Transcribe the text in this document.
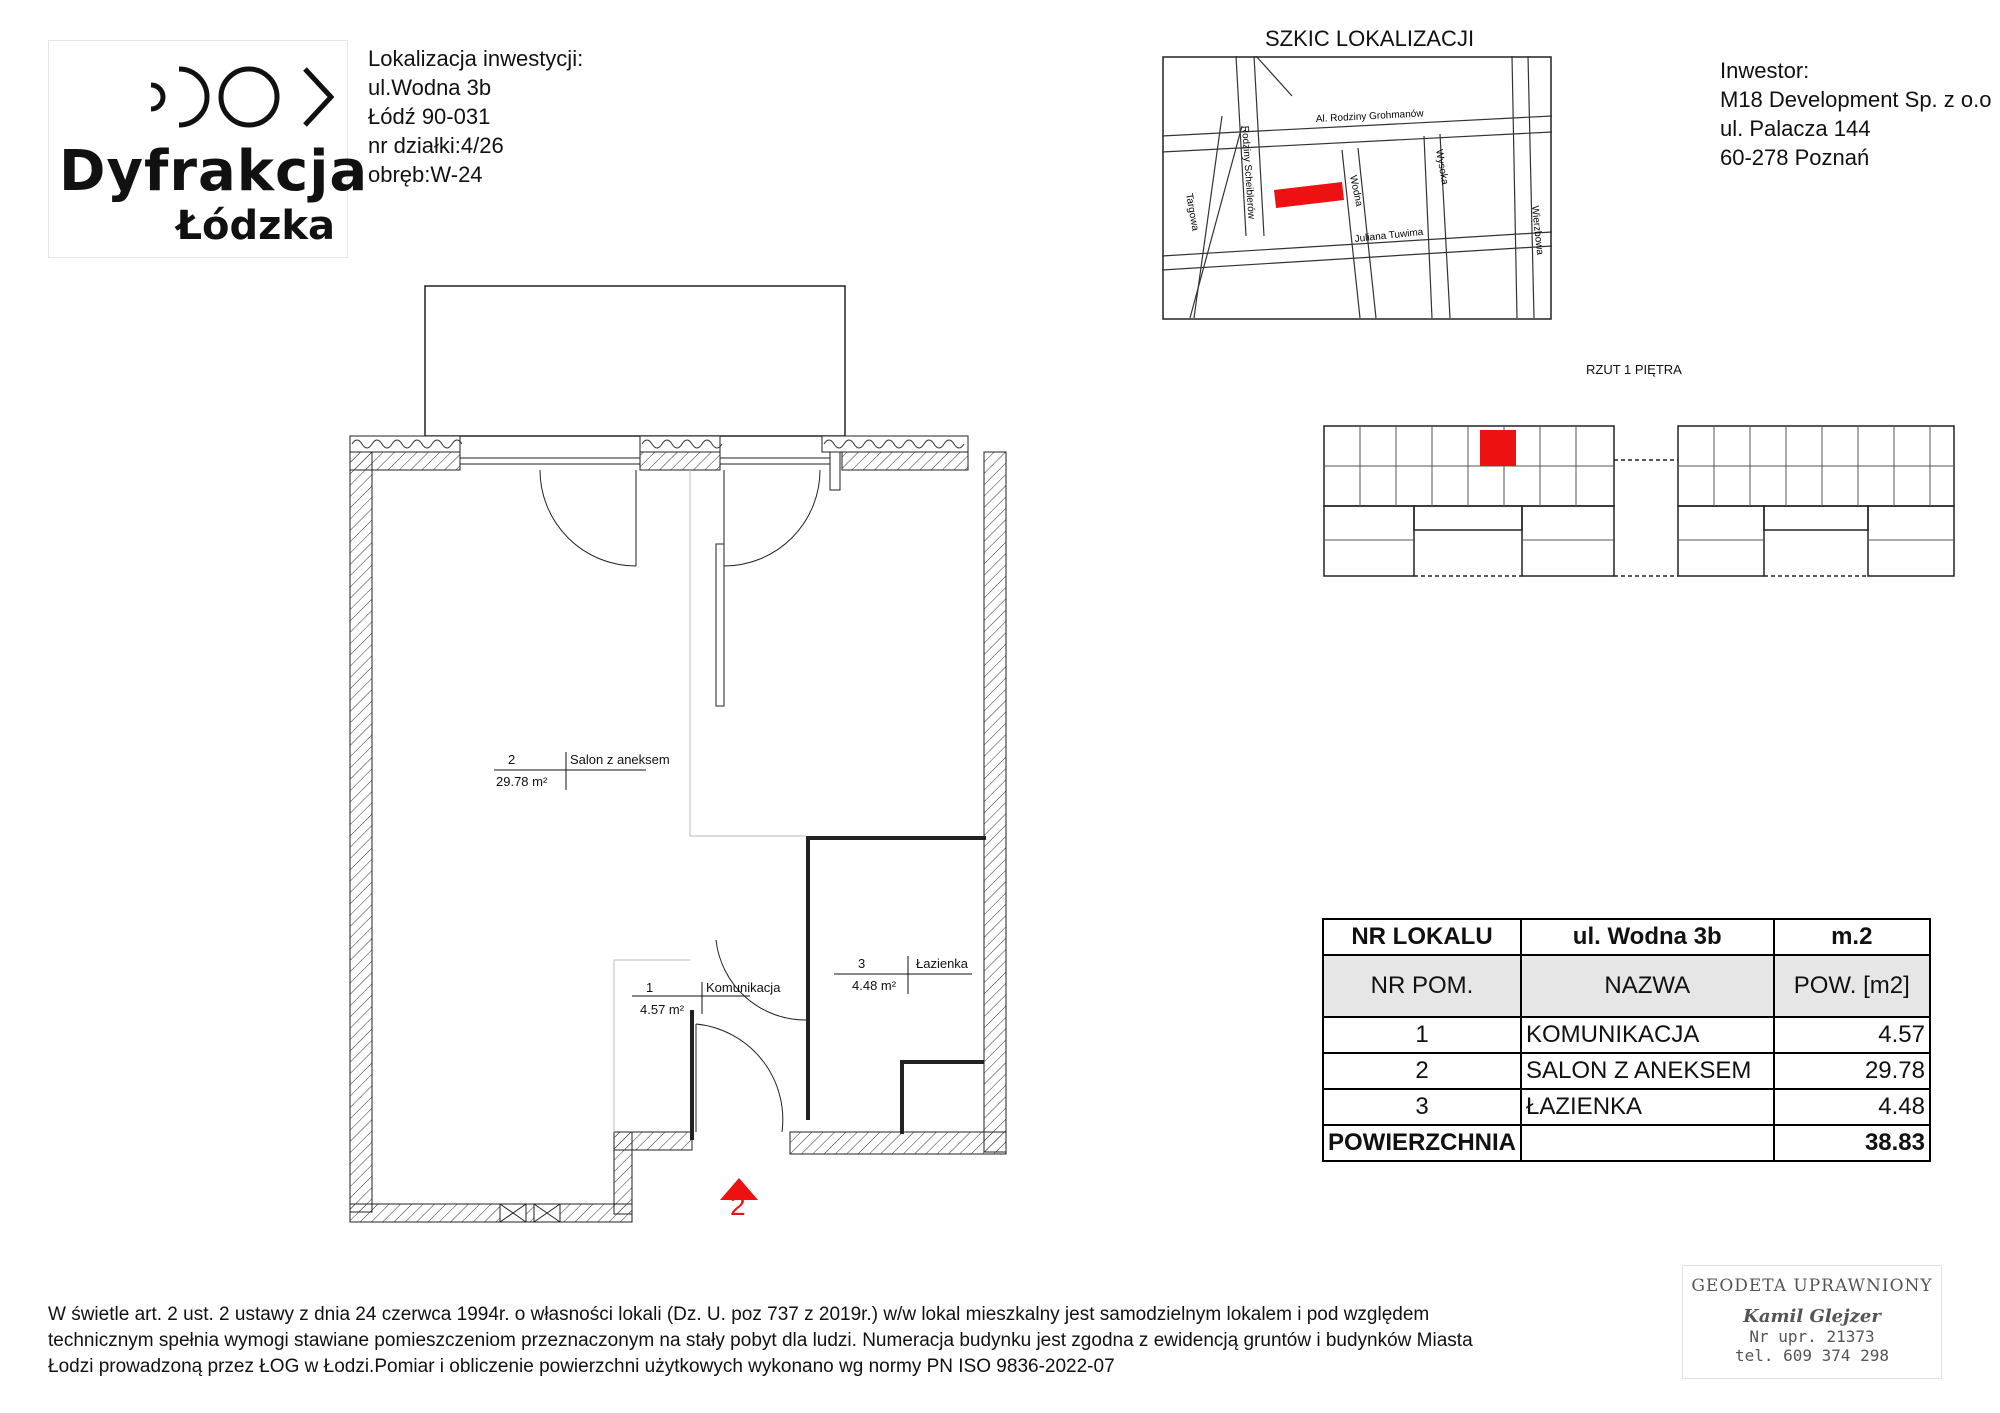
Dyfrakcja
Łódzka
Lokalizacja inwestycji:
ul.Wodna 3b
Łódź 90-031
nr działki:4/26
obręb:W-24
SZKIC LOKALIZACJI
Al. Rodziny Grohmanów
Rodziny Scheiblerów
Targowa
Wodna
Wysoka
Juliana Tuwima	Wierzbowa
Inwestor:
M18 Development Sp. z o.o
ul. Palacza 144
60-278 Poznań
RZUT 1 PIĘTRA
2	Salon z aneksem
29.78 m²
1	Komunikacja
4.57 m²
3	Łazienka
4.48 m²
2
NR LOKALU	ul. Wodna 3b	m.2
NR POM.	NAZWA	POW. [m2]
1	KOMUNIKACJA	4.57
2	SALON Z ANEKSEM	29.78
3	ŁAZIENKA	4.48
POWIERZCHNIA		38.83
W świetle art. 2 ust. 2 ustawy z dnia 24 czerwca 1994r. o własności lokali (Dz. U. poz 737 z 2019r.) w/w lokal mieszkalny jest samodzielnym lokalem i pod względem
technicznym spełnia wymogi stawiane pomieszczeniom przeznaczonym na stały pobyt dla ludzi. Numeracja budynku jest zgodna z ewidencją gruntów i budynków Miasta
Łodzi prowadzoną przez ŁOG w Łodzi.Pomiar i obliczenie powierzchni użytkowych wykonano wg normy PN ISO 9836-2022-07
GEODETA UPRAWNIONY
Kamil Glejzer
Nr upr. 21373
tel. 609 374 298
